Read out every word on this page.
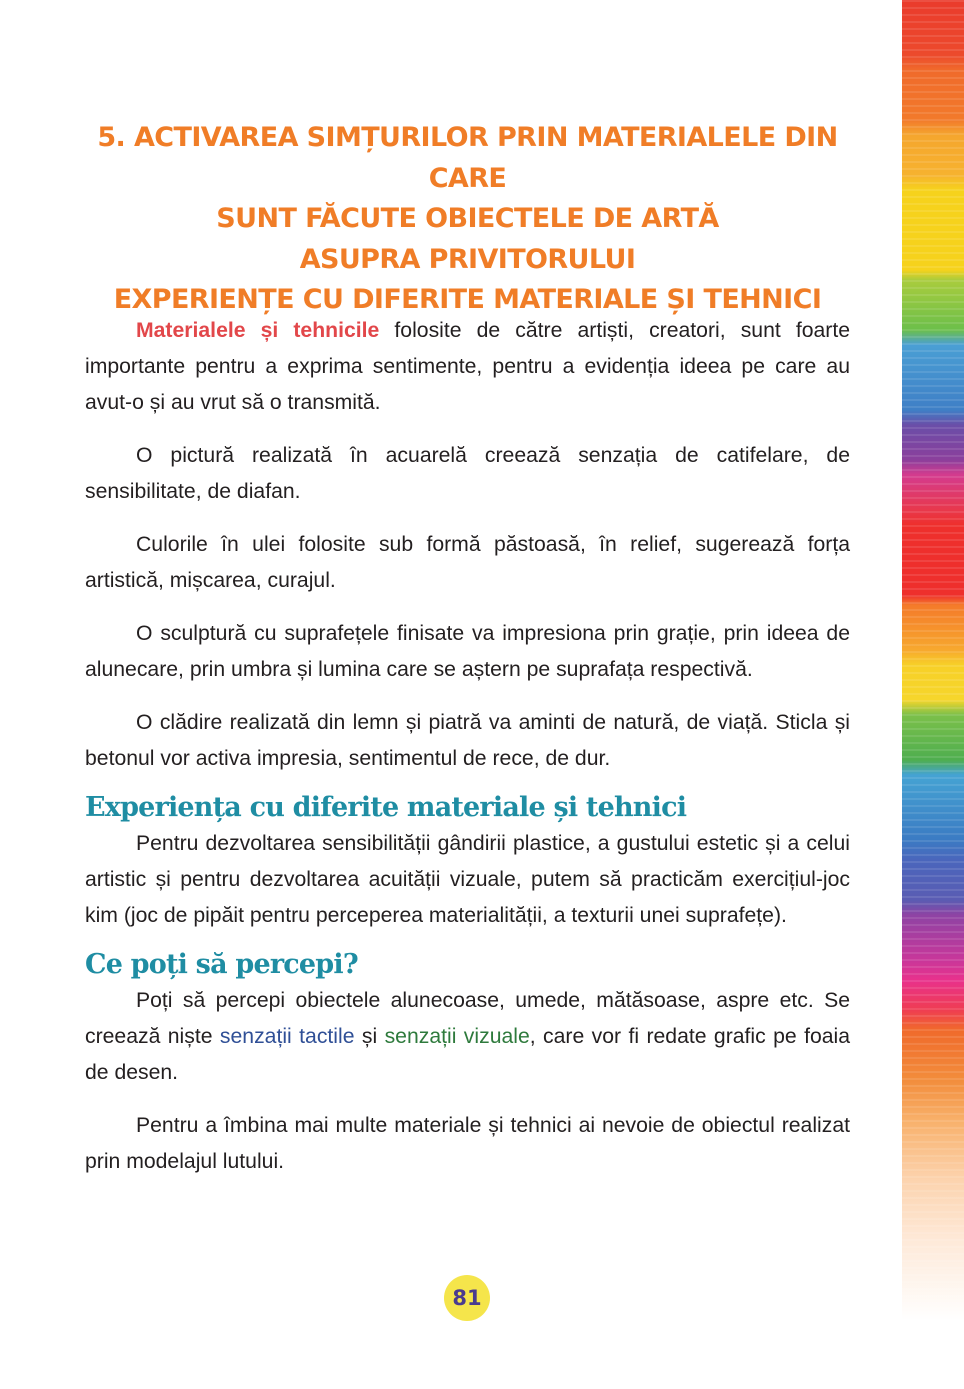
5. ACTIVAREA SIMȚURILOR PRIN MATERIALELE DIN CARE
SUNT FĂCUTE OBIECTELE DE ARTĂ
ASUPRA PRIVITORULUI
EXPERIENȚE CU DIFERITE MATERIALE ȘI TEHNICI

Materialele și tehnicile folosite de către artiști, creatori, sunt foarte importante pentru a exprima sentimente, pentru a evidenția ideea pe care au avut-o și au vrut să o transmită.

O pictură realizată în acuarelă creează senzația de catifelare, de sensibilitate, de diafan.

Culorile în ulei folosite sub formă păstoasă, în relief, sugerează forța artistică, mișcarea, curajul.

O sculptură cu suprafețele finisate va impresiona prin grație, prin ideea de alunecare, prin umbra și lumina care se aștern pe suprafața respectivă.

O clădire realizată din lemn și piatră va aminti de natură, de viață. Sticla și betonul vor activa impresia, sentimentul de rece, de dur.

Experiența cu diferite materiale și tehnici

Pentru dezvoltarea sensibilității gândirii plastice, a gustului estetic și a celui artistic și pentru dezvoltarea acuității vizuale, putem să practicăm exercițiul-joc kim (joc de pipăit pentru perceperea materialității, a texturii unei suprafețe).

Ce poți să percepi?

Poți să percepi obiectele alunecoase, umede, mătăsoase, aspre etc. Se creează niște senzații tactile și senzații vizuale, care vor fi redate grafic pe foaia de desen.

Pentru a îmbina mai multe materiale și tehnici ai nevoie de obiectul realizat prin modelajul lutului.

81
